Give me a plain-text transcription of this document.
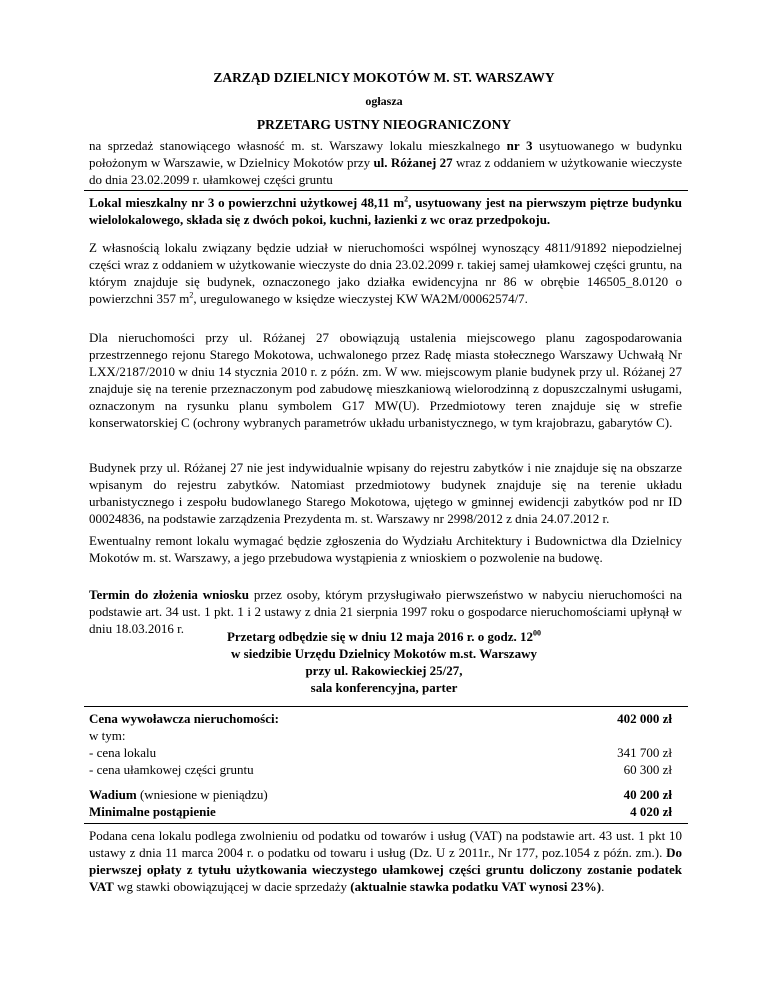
ZARZĄD DZIELNICY MOKOTÓW M. ST. WARSZAWY

ogłasza

PRZETARG USTNY NIEOGRANICZONY

na sprzedaż stanowiącego własność m. st. Warszawy lokalu mieszkalnego nr 3 usytuowanego w budynku położonym w Warszawie, w Dzielnicy Mokotów przy ul. Różanej 27 wraz z oddaniem w użytkowanie wieczyste do dnia 23.02.2099 r. ułamkowej części gruntu

Lokal mieszkalny nr 3 o powierzchni użytkowej 48,11 $m^2$, usytuowany jest na pierwszym piętrze budynku wielolokalowego, składa się z dwóch pokoi, kuchni, łazienki z wc oraz przedpokoju.

Z własnością lokalu związany będzie udział w nieruchomości wspólnej wynoszący 4811/91892 niepodzielnej części wraz z oddaniem w użytkowanie wieczyste do dnia 23.02.2099 r. takiej samej ułamkowej części gruntu, na którym znajduje się budynek, oznaczonego jako działka ewidencyjna nr 86 w obrębie 146505_8.0120 o powierzchni 357 $m^2$, uregulowanego w księdze wieczystej KW WA2M/00062574/7.

Dla nieruchomości przy ul. Różanej 27 obowiązują ustalenia miejscowego planu zagospodarowania przestrzennego rejonu Starego Mokotowa, uchwalonego przez Radę miasta stołecznego Warszawy Uchwałą Nr LXX/2187/2010 w dniu 14 stycznia 2010 r. z późn. zm. W ww. miejscowym planie budynek przy ul. Różanej 27 znajduje się na terenie przeznaczonym pod zabudowę mieszkaniową wielorodzinną z dopuszczalnymi usługami, oznaczonym na rysunku planu symbolem G17 MW(U). Przedmiotowy teren znajduje się w strefie konserwatorskiej C (ochrony wybranych parametrów układu urbanistycznego, w tym krajobrazu, gabarytów C).

Budynek przy ul. Różanej 27 nie jest indywidualnie wpisany do rejestru zabytków i nie znajduje się na obszarze wpisanym do rejestru zabytków. Natomiast przedmiotowy budynek znajduje się na terenie układu urbanistycznego i zespołu budowlanego Starego Mokotowa, ujętego w gminnej ewidencji zabytków pod nr ID 00024836, na podstawie zarządzenia Prezydenta m. st. Warszawy nr 2998/2012 z dnia 24.07.2012 r.

Ewentualny remont lokalu wymagać będzie zgłoszenia do Wydziału Architektury i Budownictwa dla Dzielnicy Mokotów m. st. Warszawy, a jego przebudowa wystąpienia z wnioskiem o pozwolenie na budowę.

Termin do złożenia wniosku przez osoby, którym przysługiwało pierwszeństwo w nabyciu nieruchomości na podstawie art. 34 ust. 1 pkt. 1 i 2 ustawy z dnia 21 sierpnia 1997 roku o gospodarce nieruchomościami upłynął w dniu 18.03.2016 r.

Przetarg odbędzie się w dniu 12 maja 2016 r. o godz. $12^{00}$

w siedzibie Urzędu Dzielnicy Mokotów m.st. Warszawy

przy ul. Rakowieckiej 25/27,

sala konferencyjna, parter

Cena wywoławcza nieruchomości:	402 000 zł
w tym:
- cena lokalu	341 700 zł
- cena ułamkowej części gruntu	60 300 zł
Wadium (wniesione w pieniądzu)	40 200 zł
Minimalne postąpienie	4 020 zł

Podana cena lokalu podlega zwolnieniu od podatku od towarów i usług (VAT) na podstawie art. 43 ust. 1 pkt 10 ustawy z dnia 11 marca 2004 r. o podatku od towaru i usług (Dz. U z 2011r., Nr 177, poz.1054 z późn. zm.). Do pierwszej opłaty z tytułu użytkowania wieczystego ułamkowej części gruntu doliczony zostanie podatek VAT wg stawki obowiązującej w dacie sprzedaży (aktualnie stawka podatku VAT wynosi 23%).
